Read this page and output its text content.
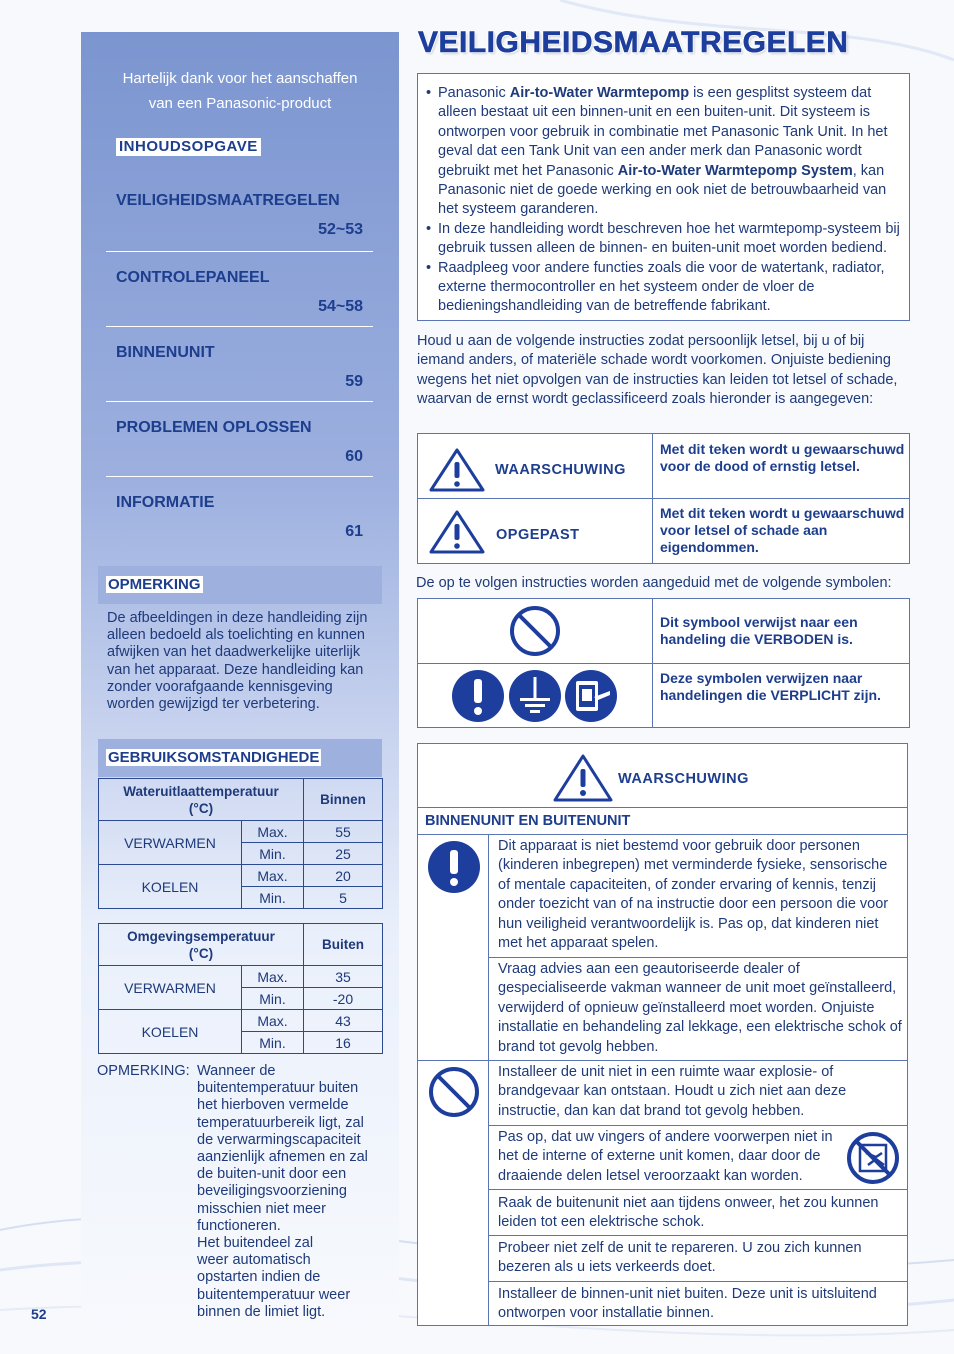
Hartelijk dank voor het aanschaffen
van een Panasonic-product
INHOUDSOPGAVE
VEILIGHEIDSMAATREGELEN
52~53
CONTROLEPANEEL
54~58
BINNENUNIT
59
PROBLEMEN OPLOSSEN
60
INFORMATIE
61
OPMERKING
De afbeeldingen in deze handleiding zijn alleen bedoeld als toelichting en kunnen afwijken van het daadwerkelijke uiterlijk van het apparaat. Deze handleiding kan zonder voorafgaande kennisgeving worden gewijzigd ter verbetering.
GEBRUIKSOMSTANDIGHEDE
Wateruitlaattemperatuur
(°C)		Binnen
VERWARMEN	Max.	55
	Min.	25
KOELEN	Max.	20
	Min.	5
Omgevingsemperatuur
(°C)		Buiten
VERWARMEN	Max.	35
	Min.	-20
KOELEN	Max.	43
	Min.	16
OPMERKING: Wanneer de
buitentemperatuur buiten
het hierboven vermelde
temperatuurbereik ligt, zal
de verwarmingscapaciteit
aanzienlijk afnemen en zal
de buiten-unit door een
beveiligingsvoorziening
misschien niet meer
functioneren.
Het buitendeel zal
weer automatisch
opstarten indien de
buitentemperatuur weer
binnen de limiet ligt.
52
VEILIGHEIDSMAATREGELEN
• Panasonic Air-to-Water Warmtepomp is een gesplitst systeem dat alleen bestaat uit een binnen-unit en een buiten-unit. Dit systeem is ontworpen voor gebruik in combinatie met Panasonic Tank Unit. In het geval dat een Tank Unit van een ander merk dan Panasonic wordt gebruikt met het Panasonic Air-to-Water Warmtepomp System, kan Panasonic niet de goede werking en ook niet de betrouwbaarheid van het systeem garanderen.
• In deze handleiding wordt beschreven hoe het warmtepomp-systeem bij gebruik tussen alleen de binnen- en buiten-unit moet worden bediend.
• Raadpleeg voor andere functies zoals die voor de watertank, radiator, externe thermocontroller en het systeem onder de vloer de bedieningshandleiding van de betreffende fabrikant.
Houd u aan de volgende instructies zodat persoonlijk letsel, bij u of bij iemand anders, of materiële schade wordt voorkomen. Onjuiste bediening wegens het niet opvolgen van de instructies kan leiden tot letsel of schade, waarvan de ernst wordt geclassificeerd zoals hieronder is aangegeven:
WAARSCHUWING
Met dit teken wordt u gewaarschuwd voor de dood of ernstig letsel.
OPGEPAST
Met dit teken wordt u gewaarschuwd voor letsel of schade aan eigendommen.
De op te volgen instructies worden aangeduid met de volgende symbolen:
Dit symbool verwijst naar een handeling die VERBODEN is.
Deze symbolen verwijzen naar handelingen die VERPLICHT zijn.
WAARSCHUWING
BINNENUNIT EN BUITENUNIT
Dit apparaat is niet bestemd voor gebruik door personen (kinderen inbegrepen) met verminderde fysieke, sensorische of mentale capaciteiten, of zonder ervaring of kennis, tenzij onder toezicht van of na instructie door een persoon die voor hun veiligheid verantwoordelijk is. Pas op, dat kinderen niet met het apparaat spelen.
Vraag advies aan een geautoriseerde dealer of gespecialiseerde vakman wanneer de unit moet geïnstalleerd, verwijderd of opnieuw geïnstalleerd moet worden. Onjuiste installatie en behandeling zal lekkage, een elektrische schok of brand tot gevolg hebben.
Installeer de unit niet in een ruimte waar explosie- of brandgevaar kan ontstaan. Houdt u zich niet aan deze instructie, dan kan dat brand tot gevolg hebben.
Pas op, dat uw vingers of andere voorwerpen niet in het de interne of externe unit komen, daar door de draaiende delen letsel veroorzaakt kan worden.
Raak de buitenunit niet aan tijdens onweer, het zou kunnen leiden tot een elektrische schok.
Probeer niet zelf de unit te repareren. U zou zich kunnen bezeren als u iets verkeerds doet.
Installeer de binnen-unit niet buiten. Deze unit is uitsluitend ontworpen voor installatie binnen.
